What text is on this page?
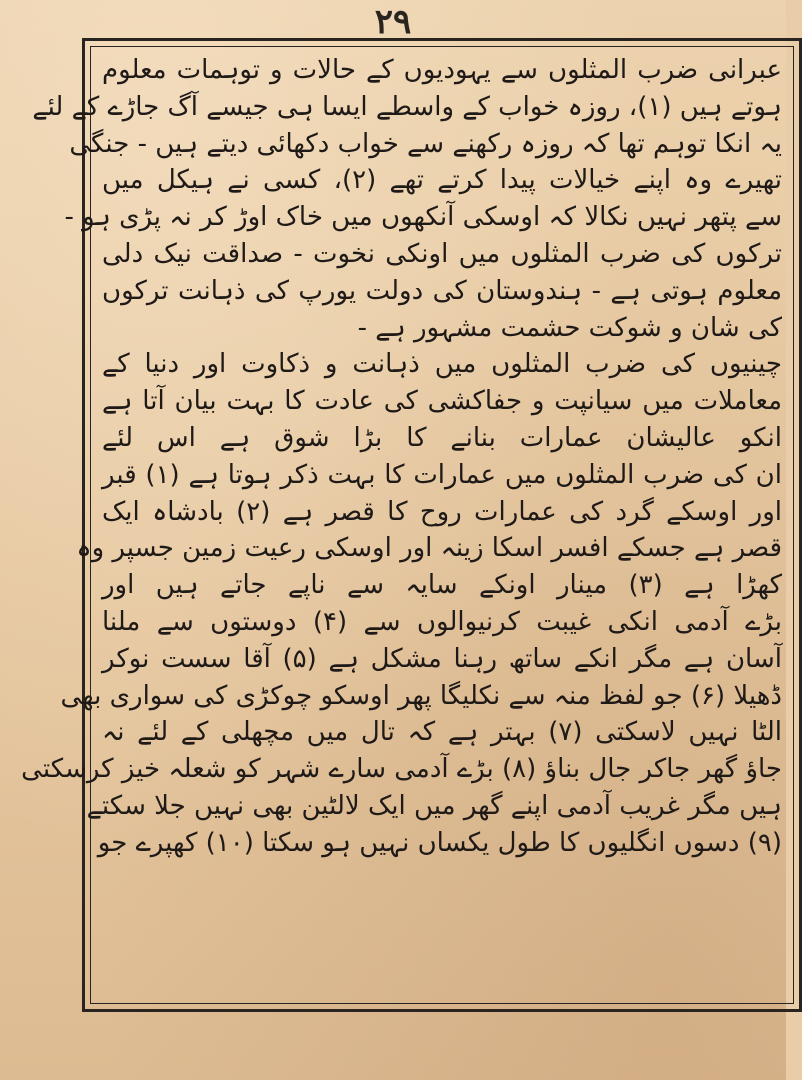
۲۹
عبرانی ضرب المثلوں سے یہودیوں کے حالات و توہمات معلوم
ہوتے ہیں (۱)، روزہ خواب کے واسطے ایسا ہی جیسے آگ جاڑے کے لئے
یہ انکا توہم تھا کہ روزہ رکھنے سے خواب دکھائی دیتے ہیں - جنگی
تھیرے وہ اپنے خیالات پیدا کرتے تھے (۲)، کسی نے ہیکل میں
سے پتھر نہیں نکالا کہ اوسکی آنکھوں میں خاک اوڑ کر نہ پڑی ہو -
ترکوں کی ضرب المثلوں میں اونکی نخوت - صداقت نیک دلی
معلوم ہوتی ہے - ہندوستان کی دولت یورپ کی ذہانت ترکوں
کی شان و شوکت حشمت مشہور ہے -
چینیوں کی ضرب المثلوں میں ذہانت و ذکاوت اور دنیا کے
معاملات میں سیانپت و جفاکشی کی عادت کا بہت بیان آتا ہے
انکو عالیشان عمارات بنانے کا بڑا شوق ہے اس لئے
ان کی ضرب المثلوں میں عمارات کا بہت ذکر ہوتا ہے (۱) قبر
اور اوسکے گرد کی عمارات روح کا قصر ہے (۲) بادشاہ ایک
قصر ہے جسکے افسر اسکا زینہ اور اوسکی رعیت زمین جسپر وہ
کھڑا ہے (۳) مینار اونکے سایہ سے ناپے جاتے ہیں اور
بڑے آدمی انکی غیبت کرنیوالوں سے (۴) دوستوں سے ملنا
آسان ہے مگر انکے ساتھ رہنا مشکل ہے (۵) آقا سست نوکر
ڈھیلا (۶) جو لفظ منہ سے نکلیگا پھر اوسکو چوکڑی کی سواری بھی
الٹا نہیں لاسکتی (۷) بہتر ہے کہ تال میں مچھلی کے لئے نہ
جاؤ گھر جاکر جال بناؤ (۸) بڑے آدمی سارے شہر کو شعلہ خیز کرسکتی
ہیں مگر غریب آدمی اپنے گھر میں ایک لالٹین بھی نہیں جلا سکتے
(۹) دسوں انگلیوں کا طول یکساں نہیں ہو سکتا (۱۰) کھپرے جو
